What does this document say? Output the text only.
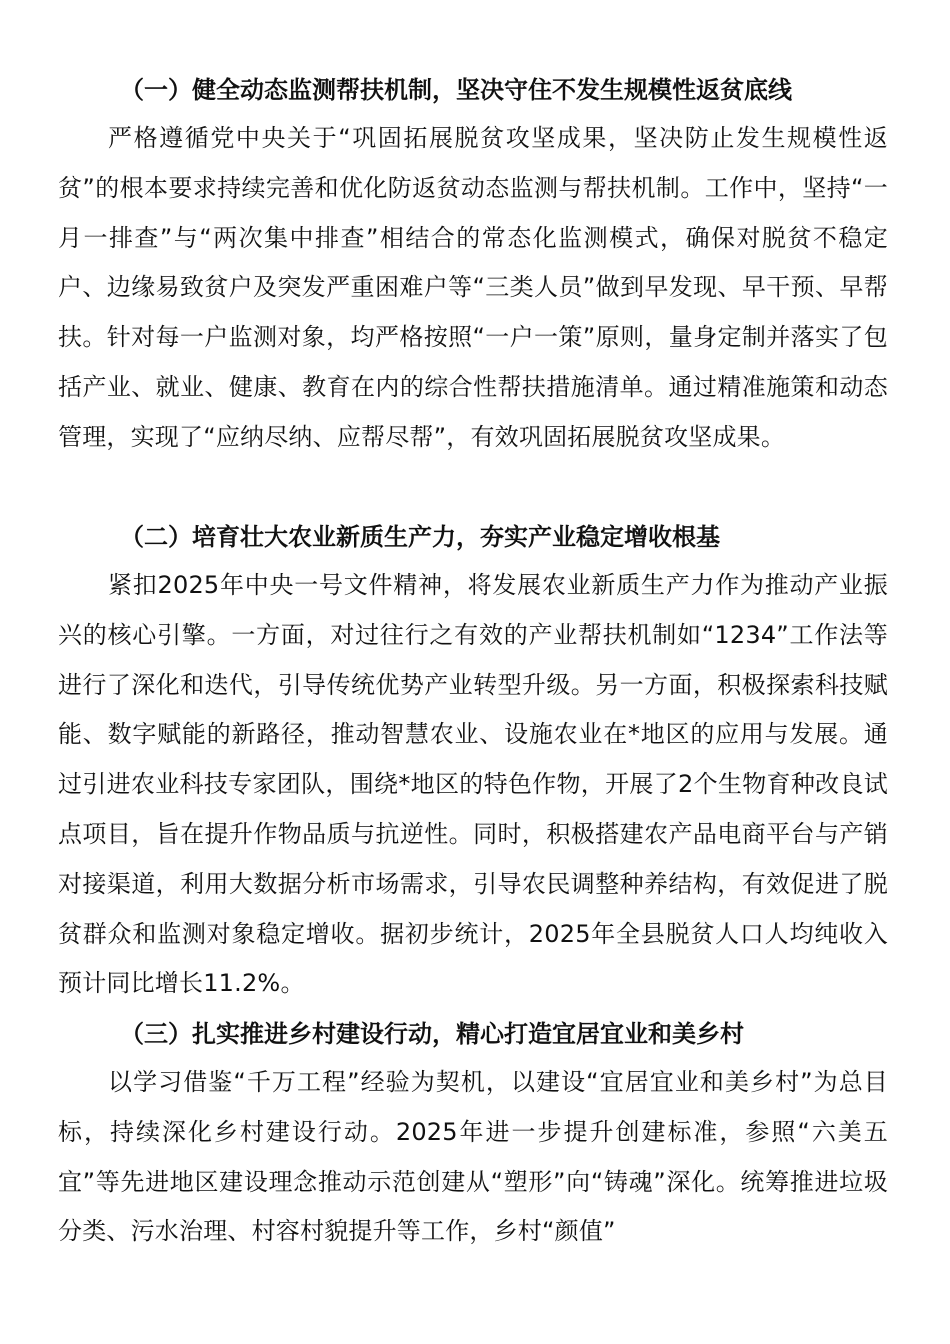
（一）健全动态监测帮扶机制，坚决守住不发生规模性返贫底线

严格遵循党中央关于“巩固拓展脱贫攻坚成果，坚决防止发生规模性返贫”的根本要求持续完善和优化防返贫动态监测与帮扶机制。工作中，坚持“一月一排查”与“两次集中排查”相结合的常态化监测模式，确保对脱贫不稳定户、边缘易致贫户及突发严重困难户等“三类人员”做到早发现、早干预、早帮扶。针对每一户监测对象，均严格按照“一户一策”原则，量身定制并落实了包括产业、就业、健康、教育在内的综合性帮扶措施清单。通过精准施策和动态管理，实现了“应纳尽纳、应帮尽帮”，有效巩固拓展脱贫攻坚成果。

（二）培育壮大农业新质生产力，夯实产业稳定增收根基

紧扣2025年中央一号文件精神，将发展农业新质生产力作为推动产业振兴的核心引擎。一方面，对过往行之有效的产业帮扶机制如“1234”工作法等进行了深化和迭代，引导传统优势产业转型升级。另一方面，积极探索科技赋能、数字赋能的新路径，推动智慧农业、设施农业在*地区的应用与发展。通过引进农业科技专家团队，围绕*地区的特色作物，开展了2个生物育种改良试点项目，旨在提升作物品质与抗逆性。同时，积极搭建农产品电商平台与产销对接渠道，利用大数据分析市场需求，引导农民调整种养结构，有效促进了脱贫群众和监测对象稳定增收。据初步统计，2025年全县脱贫人口人均纯收入预计同比增长11.2%。

（三）扎实推进乡村建设行动，精心打造宜居宜业和美乡村

以学习借鉴“千万工程”经验为契机，以建设“宜居宜业和美乡村”为总目标，持续深化乡村建设行动。2025年进一步提升创建标准，参照“六美五宜”等先进地区建设理念推动示范创建从“塑形”向“铸魂”深化。统筹推进垃圾分类、污水治理、村容村貌提升等工作，乡村“颜值”
